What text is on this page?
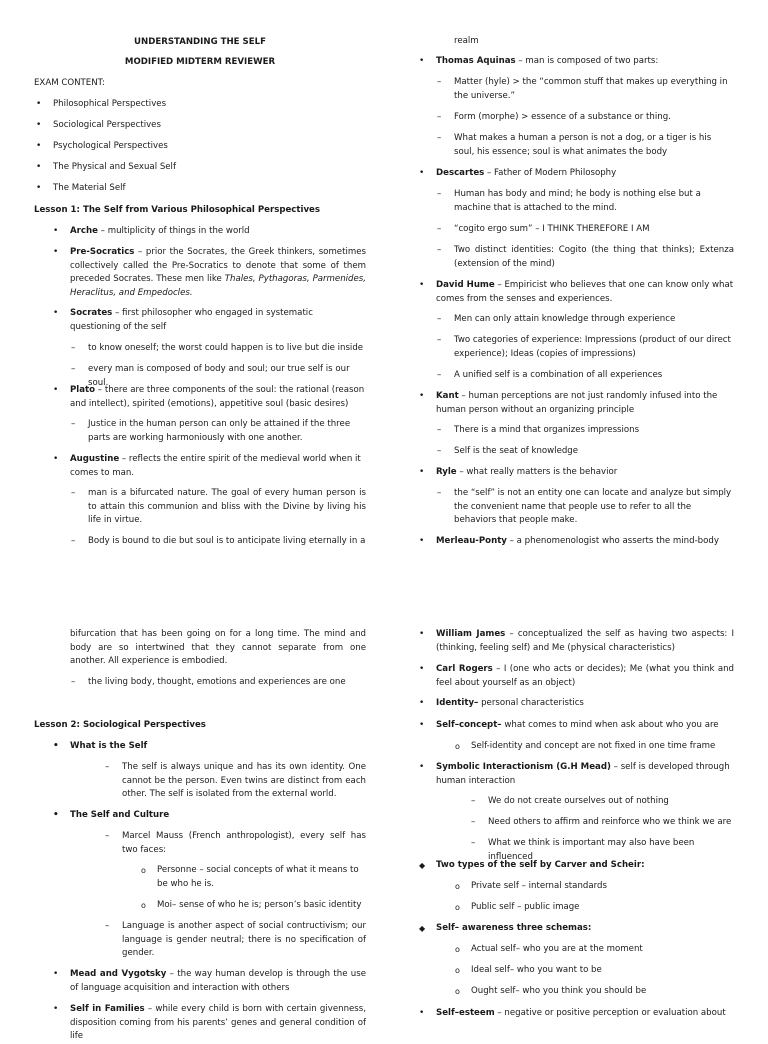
UNDERSTANDING THE SELF

MODIFIED MIDTERM REVIEWER

EXAM CONTENT:

• Philosophical Perspectives

• Sociological Perspectives

• Psychological Perspectives

• The Physical and Sexual Self

• The Material Self

Lesson 1: The Self from Various Philosophical Perspectives

• Arche – multiplicity of things in the world

• Pre-Socratics – prior the Socrates, the Greek thinkers, sometimes collectively called the Pre-Socratics to denote that some of them preceded Socrates. These men like Thales, Pythagoras, Parmenides, Heraclitus, and Empedocles.

• Socrates – first philosopher who engaged in systematic questioning of the self

– to know oneself; the worst could happen is to live but die inside

– every man is composed of body and soul; our true self is our soul.

• Plato – there are three components of the soul: the rational (reason and intellect), spirited (emotions), appetitive soul (basic desires)

– Justice in the human person can only be attained if the three parts are working harmoniously with one another.

• Augustine – reflects the entire spirit of the medieval world when it comes to man.

– man is a bifurcated nature. The goal of every human person is to attain this communion and bliss with the Divine by living his life in virtue.

– Body is bound to die but soul is to anticipate living eternally in a

realm

• Thomas Aquinas – man is composed of two parts:

– Matter (hyle) > the “common stuff that makes up everything in the universe.”

– Form (morphe) > essence of a substance or thing.

– What makes a human a person is not a dog, or a tiger is his soul, his essence; soul is what animates the body

• Descartes – Father of Modern Philosophy

– Human has body and mind; he body is nothing else but a machine that is attached to the mind.

– “cogito ergo sum” – I THINK THEREFORE I AM

– Two distinct identities: Cogito (the thing that thinks); Extenza (extension of the mind)

• David Hume – Empiricist who believes that one can know only what comes from the senses and experiences.

– Men can only attain knowledge through experience

– Two categories of experience: Impressions (product of our direct experience); Ideas (copies of impressions)

– A unified self is a combination of all experiences

• Kant – human perceptions are not just randomly infused into the human person without an organizing principle

– There is a mind that organizes impressions

– Self is the seat of knowledge

• Ryle – what really matters is the behavior

– the “self” is not an entity one can locate and analyze but simply the convenient name that people use to refer to all the behaviors that people make.

• Merleau-Ponty – a phenomenologist who asserts the mind-body

bifurcation that has been going on for a long time. The mind and body are so intertwined that they cannot separate from one another. All experience is embodied.

– the living body, thought, emotions and experiences are one

Lesson 2: Sociological Perspectives

• What is the Self

– The self is always unique and has its own identity. One cannot be the person. Even twins are distinct from each other. The self is isolated from the external world.

• The Self and Culture

– Marcel Mauss (French anthropologist), every self has two faces:

o Personne – social concepts of what it means to be who he is.

o Moi– sense of who he is; person’s basic identity

– Language is another aspect of social contructivism; our language is gender neutral; there is no specification of gender.

• Mead and Vygotsky – the way human develop is through the use of language acquisition and interaction with others

• Self in Families – while every child is born with certain givenness, disposition coming from his parents’ genes and general condition of life

• William James – conceptualized the self as having two aspects: I (thinking, feeling self) and Me (physical characteristics)

• Carl Rogers – I (one who acts or decides); Me (what you think and feel about yourself as an object)

• Identity– personal characteristics

• Self–concept– what comes to mind when ask about who you are

o Self-identity and concept are not fixed in one time frame

• Symbolic Interactionism (G.H Mead) – self is developed through human interaction

– We do not create ourselves out of nothing

– Need others to affirm and reinforce who we think we are

– What we think is important may also have been influenced

◆ Two types of the self by Carver and Scheir:

o Private self – internal standards

o Public self – public image

◆ Self– awareness three schemas:

o Actual self– who you are at the moment

o Ideal self– who you want to be

o Ought self– who you think you should be

• Self–esteem – negative or positive perception or evaluation about
